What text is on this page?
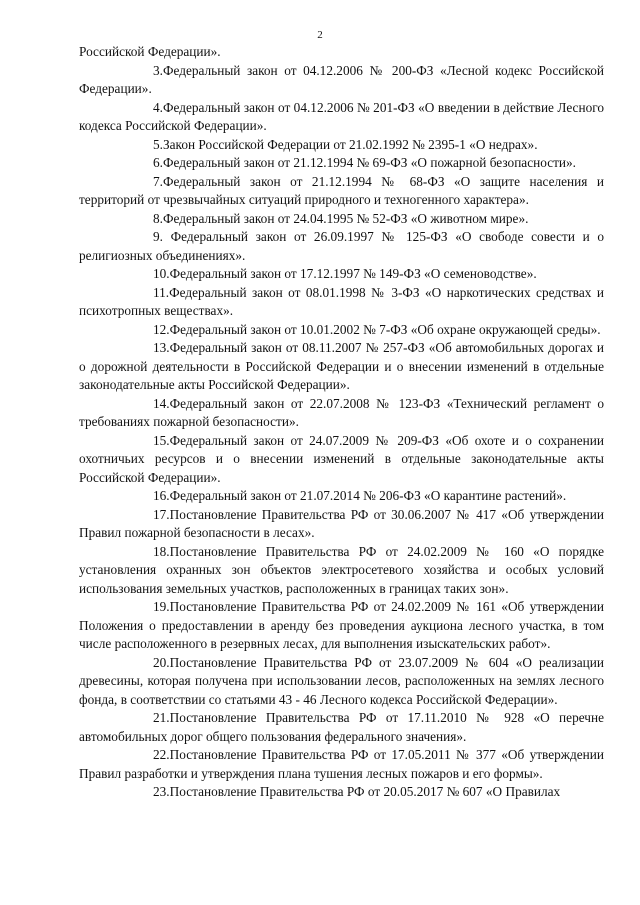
2

Российской Федерации».

3.Федеральный закон от 04.12.2006 № 200-ФЗ «Лесной кодекс Российской Федерации».

4.Федеральный закон от 04.12.2006 № 201-ФЗ «О введении в действие Лесного кодекса Российской Федерации».

5.Закон Российской Федерации от 21.02.1992 № 2395-1 «О недрах».

6.Федеральный закон от 21.12.1994 № 69-ФЗ «О пожарной безопасности».

7.Федеральный закон от 21.12.1994 № 68-ФЗ «О защите населения и территорий от чрезвычайных ситуаций природного и техногенного характера».

8.Федеральный закон от 24.04.1995 № 52-ФЗ «О животном мире».

9. Федеральный закон от 26.09.1997 № 125-ФЗ «О свободе совести и о религиозных объединениях».

10.Федеральный закон от 17.12.1997 № 149-ФЗ «О семеноводстве».

11.Федеральный закон от 08.01.1998 № 3-ФЗ «О наркотических средствах и психотропных веществах».

12.Федеральный закон от 10.01.2002 № 7-ФЗ «Об охране окружающей среды».

13.Федеральный закон от 08.11.2007 № 257-ФЗ «Об автомобильных дорогах и о дорожной деятельности в Российской Федерации и о внесении изменений в отдельные законодательные акты Российской Федерации».

14.Федеральный закон от 22.07.2008 № 123-ФЗ «Технический регламент о требованиях пожарной безопасности».

15.Федеральный закон от 24.07.2009 № 209-ФЗ «Об охоте и о сохранении охотничьих ресурсов и о внесении изменений в отдельные законодательные акты Российской Федерации».

16.Федеральный закон от 21.07.2014 № 206-ФЗ «О карантине растений».

17.Постановление Правительства РФ от 30.06.2007 № 417 «Об утверждении Правил пожарной безопасности в лесах».

18.Постановление Правительства РФ от 24.02.2009 № 160 «О порядке установления охранных зон объектов электросетевого хозяйства и особых условий использования земельных участков, расположенных в границах таких зон».

19.Постановление Правительства РФ от 24.02.2009 № 161 «Об утверждении Положения о предоставлении в аренду без проведения аукциона лесного участка, в том числе расположенного в резервных лесах, для выполнения изыскательских работ».

20.Постановление Правительства РФ от 23.07.2009 № 604 «О реализации древесины, которая получена при использовании лесов, расположенных на землях лесного фонда, в соответствии со статьями 43 - 46 Лесного кодекса Российской Федерации».

21.Постановление Правительства РФ от 17.11.2010 № 928 «О перечне автомобильных дорог общего пользования федерального значения».

22.Постановление Правительства РФ от 17.05.2011 № 377 «Об утверждении Правил разработки и утверждения плана тушения лесных пожаров и его формы».

23.Постановление Правительства РФ от 20.05.2017 № 607 «О Правилах
